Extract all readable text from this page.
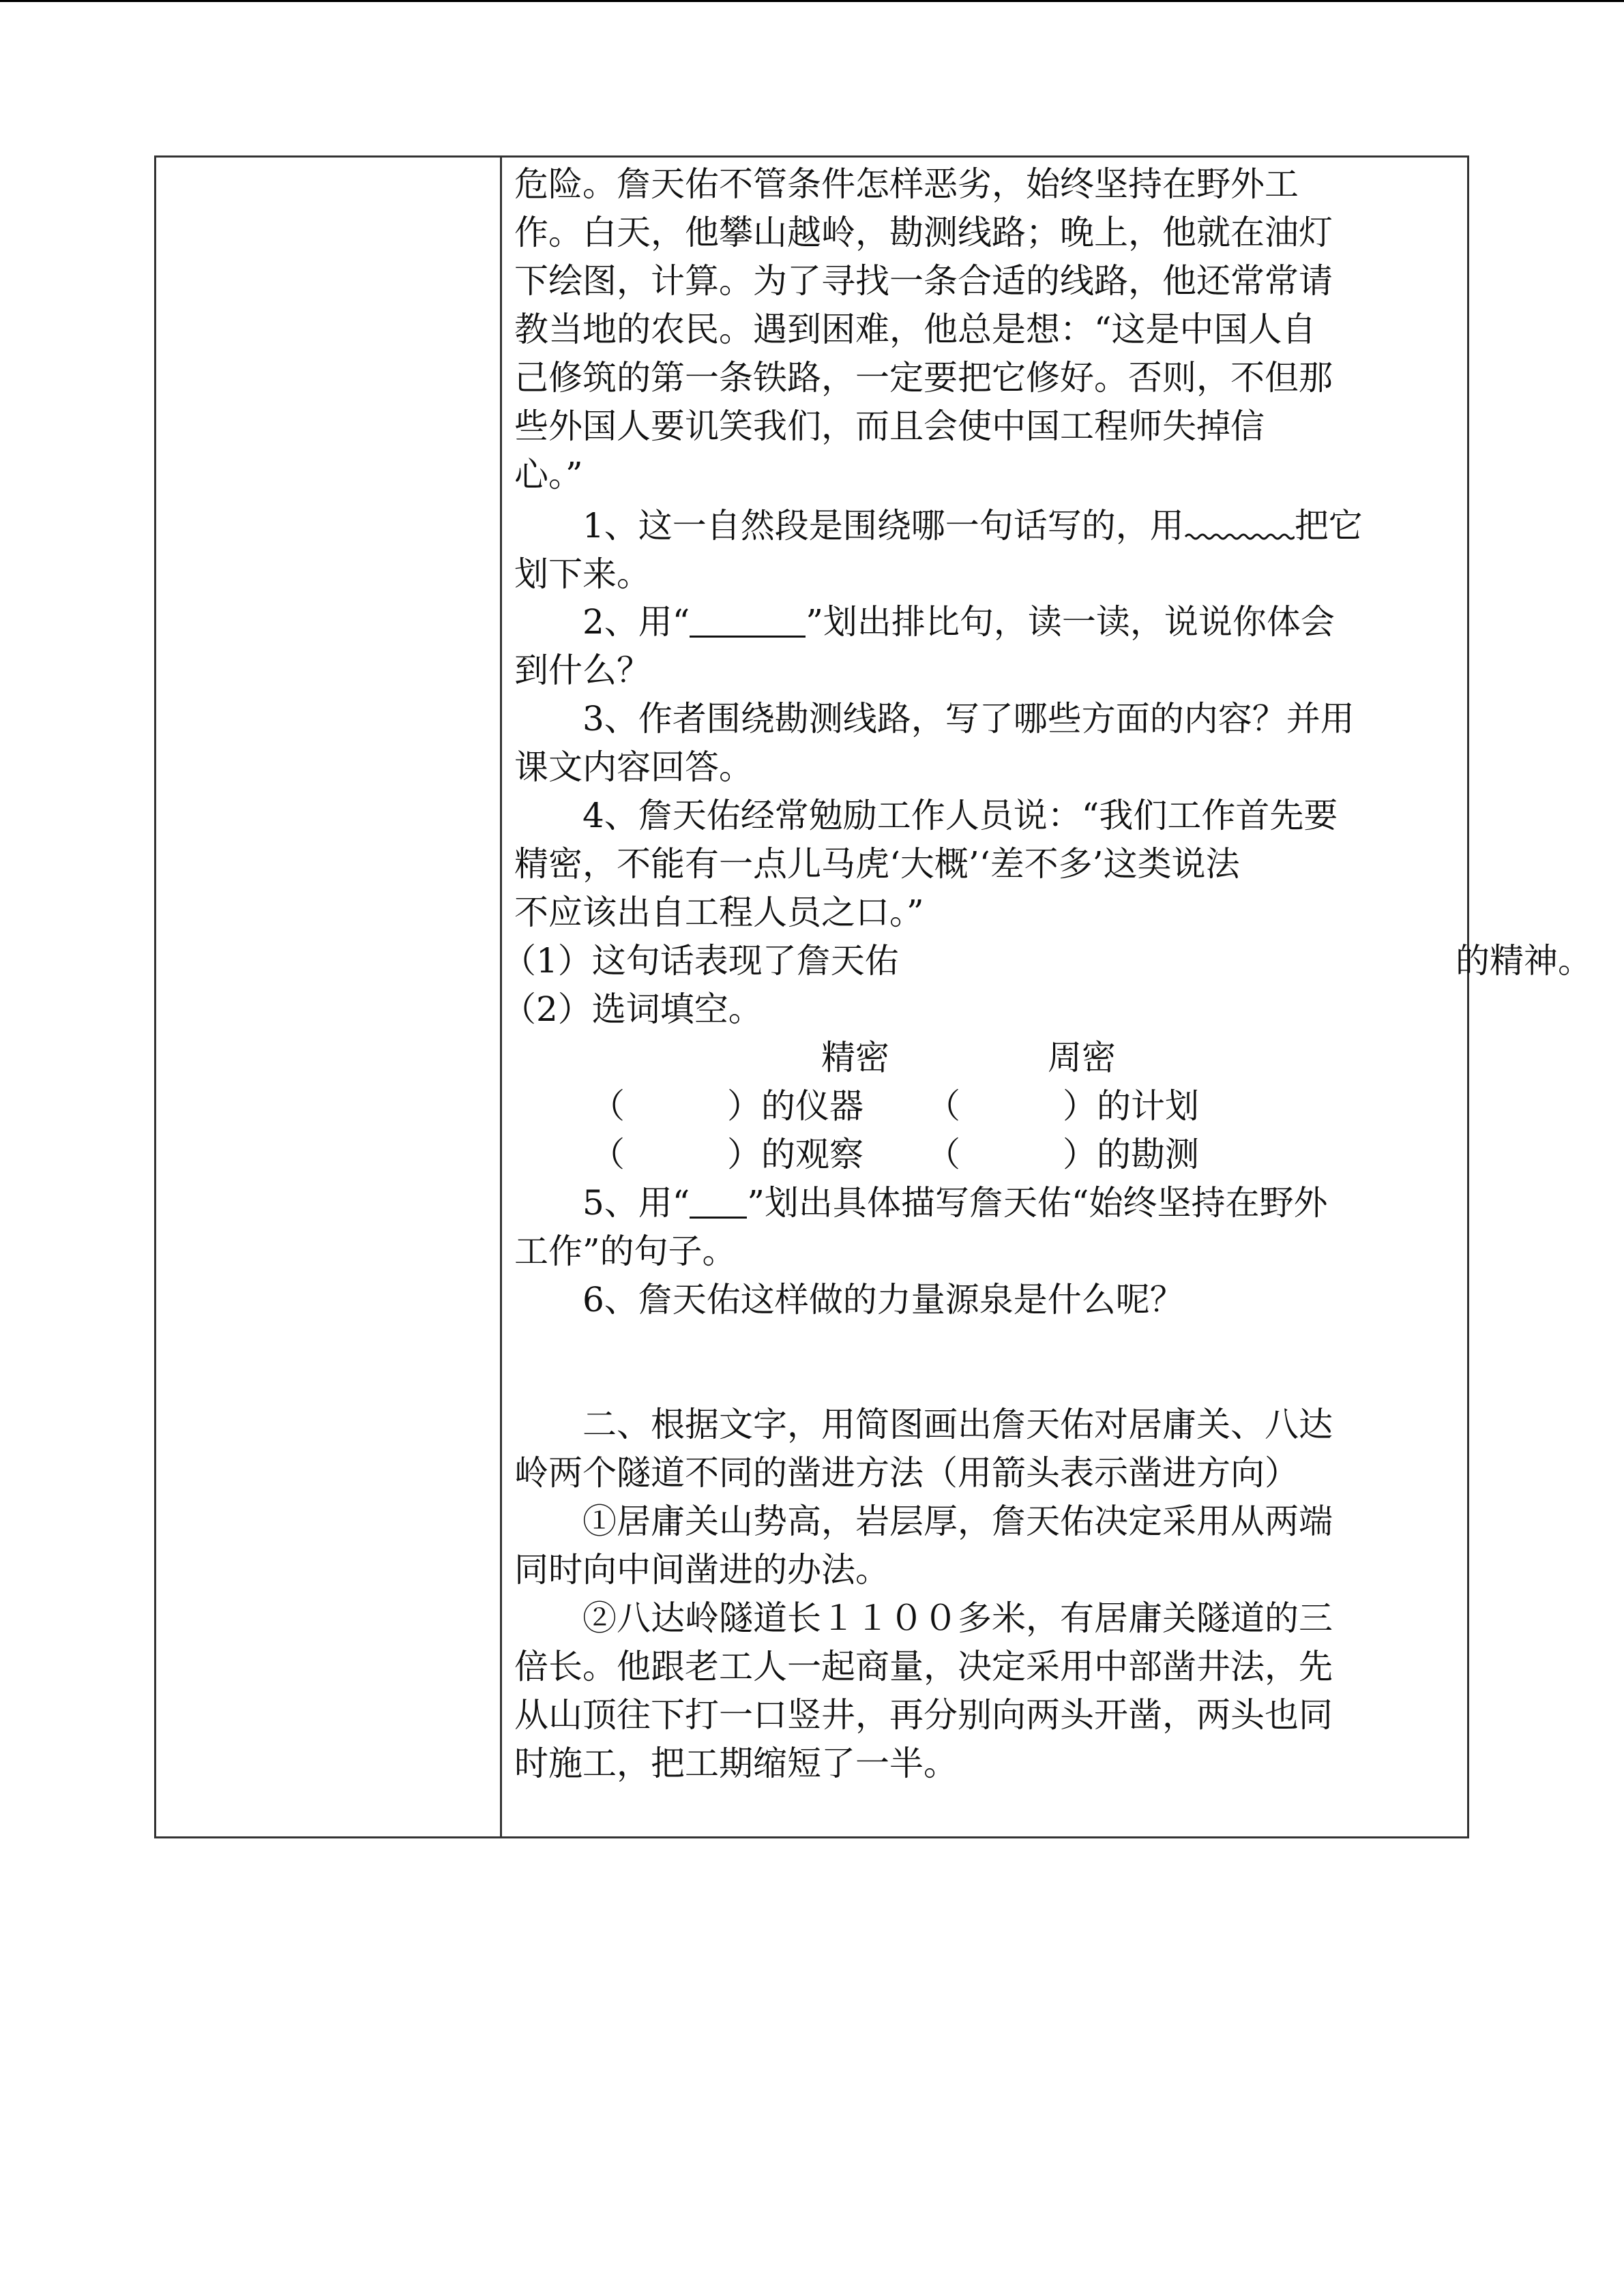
危险。詹天佑不管条件怎样恶劣，始终坚持在野外工
作。白天，他攀山越岭，勘测线路；晚上，他就在油灯
下绘图，计算。为了寻找一条合适的线路，他还常常请
教当地的农民。遇到困难，他总是想：“这是中国人自
己修筑的第一条铁路，一定要把它修好。否则，不但那
些外国人要讥笑我们，而且会使中国工程师失掉信
心。”
　　1、这一自然段是围绕哪一句话写的，用	把它
划下来。
　　2、用“	”划出排比句，读一读，说说你体会
到什么？
　　3、作者围绕勘测线路，写了哪些方面的内容？并用
课文内容回答。
　　4、詹天佑经常勉励工作人员说：“我们工作首先要
精密，不能有一点儿马虎‘大概’‘差不多’这类说法
不应该出自工程人员之口。”
（1）这句话表现了詹天佑	的精神。
（2）选词填空。
精密	周密
（　　　）的仪器 （　　　）的计划
（　　　）的观察 （　　　）的勘测
　　5、用“ ”划出具体描写詹天佑“始终坚持在野外
工作”的句子。
　　6、詹天佑这样做的力量源泉是什么呢？
　　二、根据文字，用简图画出詹天佑对居庸关、八达
岭两个隧道不同的凿进方法（用箭头表示凿进方向）
　　①居庸关山势高，岩层厚，詹天佑决定采用从两端
同时向中间凿进的办法。
　　②八达岭隧道长１１００多米，有居庸关隧道的三
倍长。他跟老工人一起商量，决定采用中部凿井法，先
从山顶往下打一口竖井，再分别向两头开凿，两头也同
时施工，把工期缩短了一半。
